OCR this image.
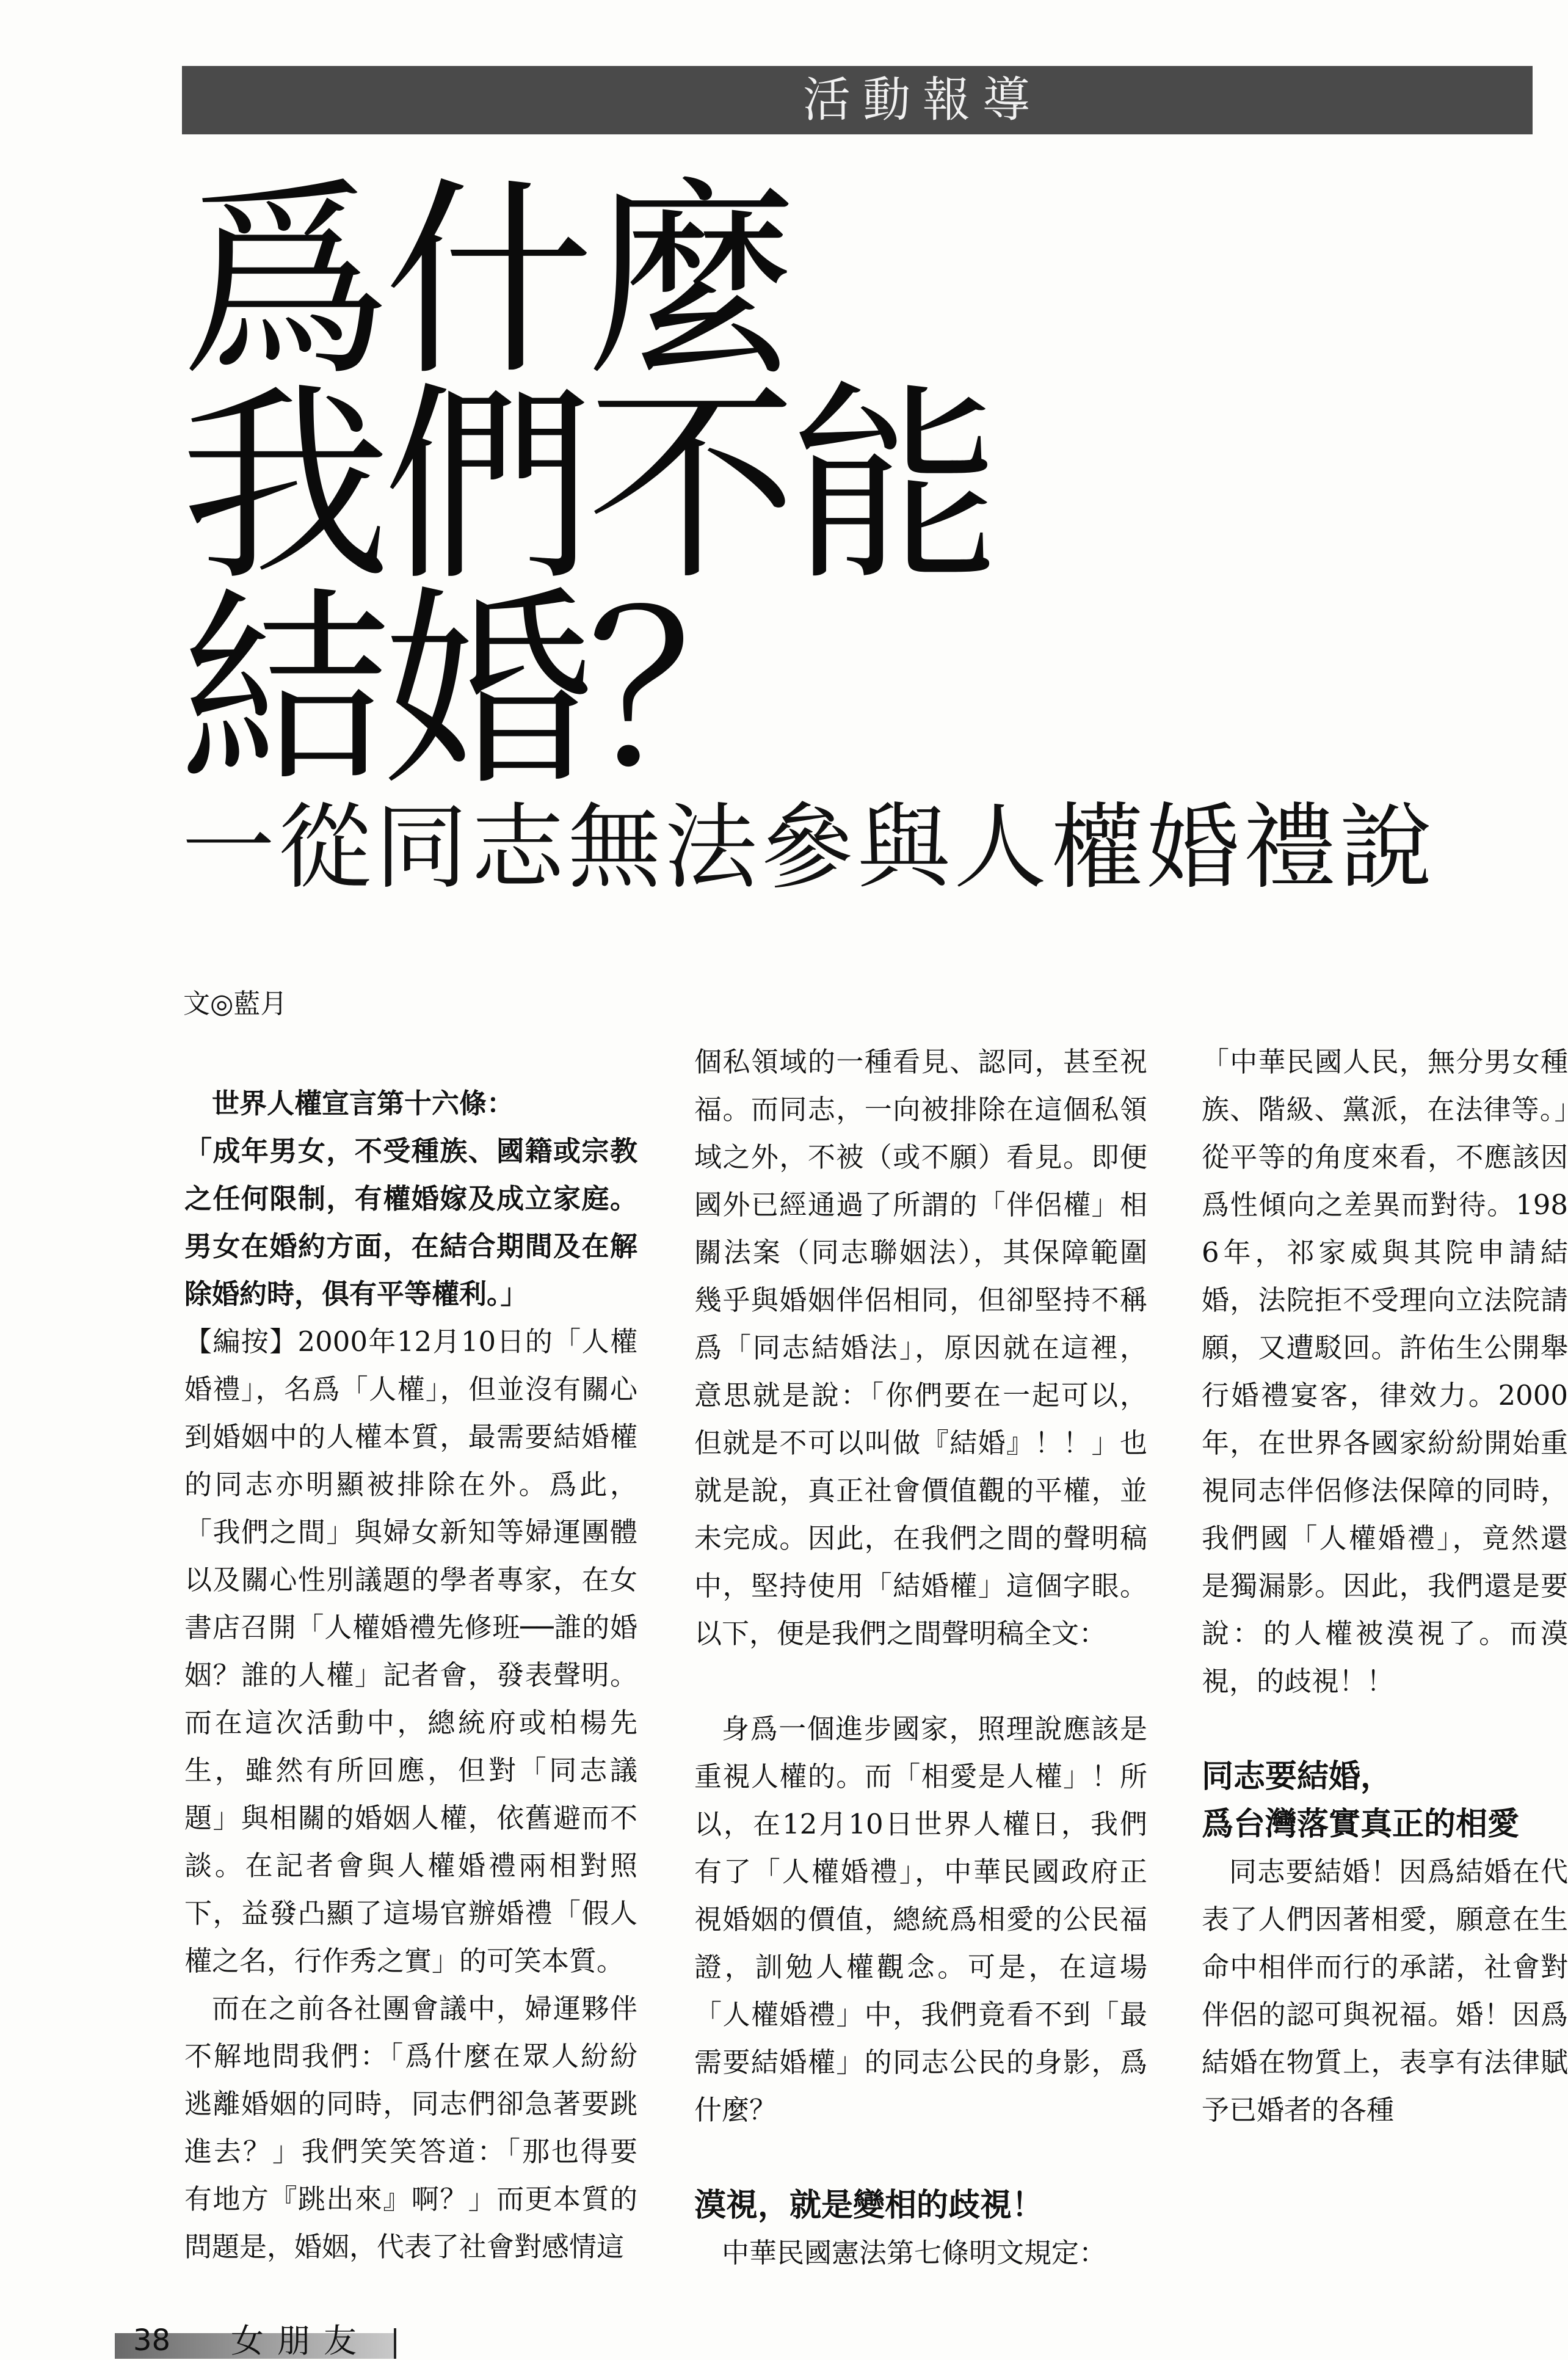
活動報導
爲什麼
我們不能
結婚？
一從同志無法參與人權婚禮說
文◎藍月

世界人權宣言第十六條：

「成年男女，不受種族、國籍或宗教之任何限制，有權婚嫁及成立家庭。男女在婚約方面，在結合期間及在解除婚約時，俱有平等權利。」

【編按】2000年12月10日的「人權婚禮」，名爲「人權」，但並沒有關心到婚姻中的人權本質，最需要結婚權的同志亦明顯被排除在外。爲此，「我們之間」與婦女新知等婦運團體以及關心性別議題的學者專家，在女書店召開「人權婚禮先修班──誰的婚姻？誰的人權」記者會，發表聲明。而在這次活動中，總統府或柏楊先生，雖然有所回應，但對「同志議題」與相關的婚姻人權，依舊避而不談。在記者會與人權婚禮兩相對照下，益發凸顯了這場官辦婚禮「假人權之名，行作秀之實」的可笑本質。

而在之前各社團會議中，婦運夥伴不解地問我們：「爲什麼在眾人紛紛逃離婚姻的同時，同志們卻急著要跳進去？」我們笑笑答道：「那也得要有地方『跳出來』啊？」而更本質的問題是，婚姻，代表了社會對感情這

個私領域的一種看見、認同，甚至祝福。而同志，一向被排除在這個私領域之外，不被（或不願）看見。即便國外已經通過了所謂的「伴侶權」相關法案（同志聯姻法），其保障範圍幾乎與婚姻伴侶相同，但卻堅持不稱爲「同志結婚法」，原因就在這裡，意思就是說：「你們要在一起可以，但就是不可以叫做『結婚』！！」也就是說，真正社會價值觀的平權，並未完成。因此，在我們之間的聲明稿中，堅持使用「結婚權」這個字眼。以下，便是我們之間聲明稿全文：

身爲一個進步國家，照理說應該是重視人權的。而「相愛是人權」！所以，在12月10日世界人權日，我們有了「人權婚禮」，中華民國政府正視婚姻的價值，總統爲相愛的公民福證，訓勉人權觀念。可是，在這場「人權婚禮」中，我們竟看不到「最需要結婚權」的同志公民的身影，爲什麼？

漠視，就是變相的歧視！

中華民國憲法第七條明文規定：

「中華民國人民，無分男女種族、階級、黨派，在法律等。」從平等的角度來看，不應該因爲性傾向之差異而對待。1986年，祁家威與其院申請結婚，法院拒不受理向立法院請願，又遭駁回。許佑生公開舉行婚禮宴客，律效力。2000年，在世界各國家紛紛開始重視同志伴侶修法保障的同時，我們國「人權婚禮」，竟然還是獨漏影。因此，我們還是要說：的人權被漠視了。而漠視，的歧視！！

同志要結婚，

爲台灣落實真正的相愛

同志要結婚！因爲結婚在代表了人們因著相愛，願意在生命中相伴而行的承諾，社會對伴侶的認可與祝福。婚！因爲結婚在物質上，表享有法律賦予已婚者的各種

38 女朋友
